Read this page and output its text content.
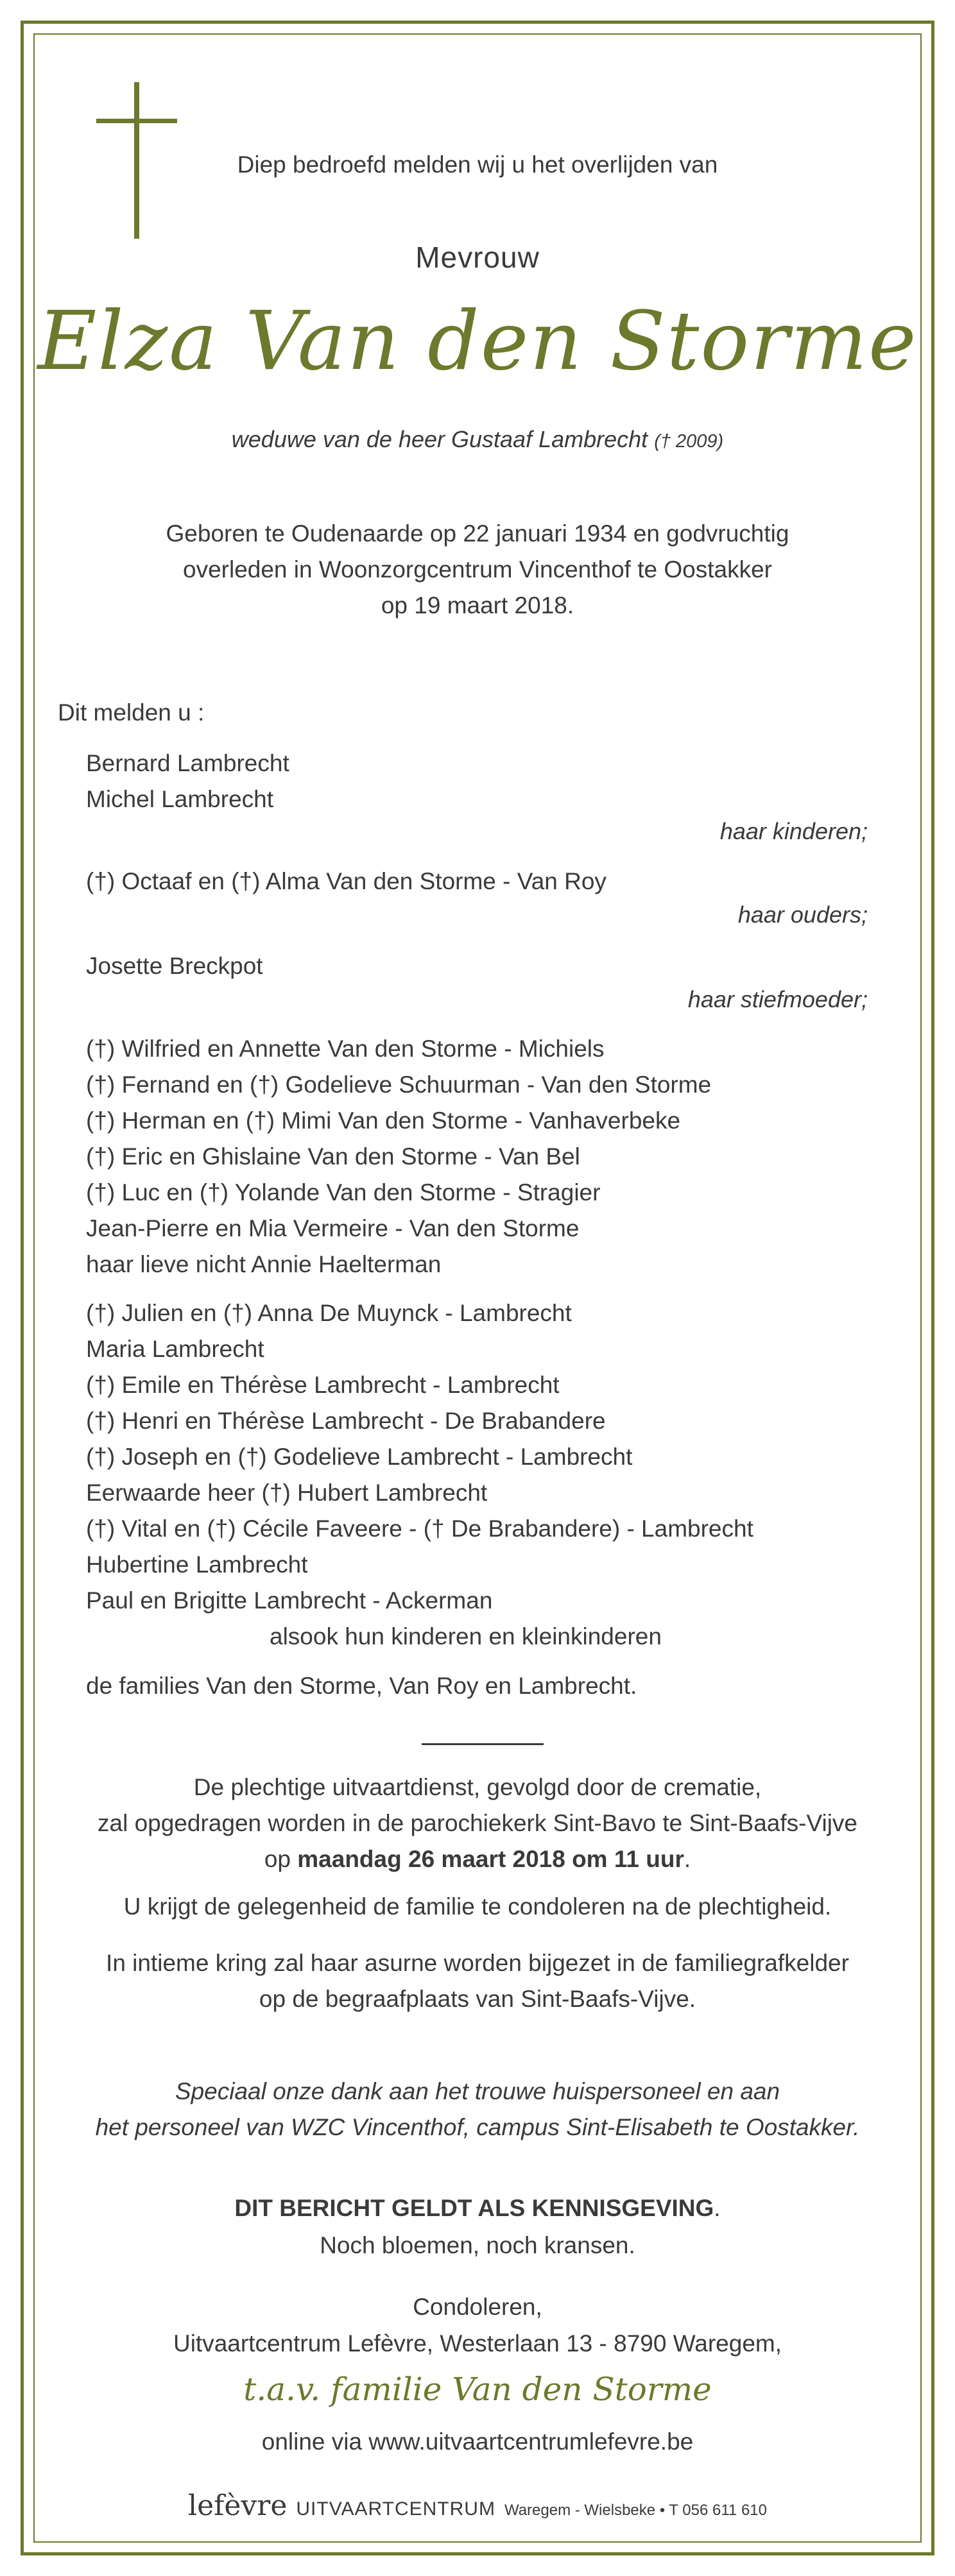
Diep bedroefd melden wij u het overlijden van
Mevrouw
Elza Van den Storme
weduwe van de heer Gustaaf Lambrecht († 2009)
Geboren te Oudenaarde op 22 januari 1934 en godvruchtig
overleden in Woonzorgcentrum Vincenthof te Oostakker
op 19 maart 2018.
Dit melden u :
Bernard Lambrecht
Michel Lambrecht
haar kinderen;
(†) Octaaf en (†) Alma Van den Storme - Van Roy
haar ouders;
Josette Breckpot
haar stiefmoeder;
(†) Wilfried en Annette Van den Storme - Michiels
(†) Fernand en (†) Godelieve Schuurman - Van den Storme
(†) Herman en (†) Mimi Van den Storme - Vanhaverbeke
(†) Eric en Ghislaine Van den Storme - Van Bel
(†) Luc en (†) Yolande Van den Storme - Stragier
Jean-Pierre en Mia Vermeire - Van den Storme
haar lieve nicht Annie Haelterman
(†) Julien en (†) Anna De Muynck - Lambrecht
Maria Lambrecht
(†) Emile en Thérèse Lambrecht - Lambrecht
(†) Henri en Thérèse Lambrecht - De Brabandere
(†) Joseph en (†) Godelieve Lambrecht - Lambrecht
Eerwaarde heer (†) Hubert Lambrecht
(†) Vital en (†) Cécile Faveere - († De Brabandere) - Lambrecht
Hubertine Lambrecht
Paul en Brigitte Lambrecht - Ackerman
alsook hun kinderen en kleinkinderen
de families Van den Storme, Van Roy en Lambrecht.
De plechtige uitvaartdienst, gevolgd door de crematie,
zal opgedragen worden in de parochiekerk Sint-Bavo te Sint-Baafs-Vijve
op maandag 26 maart 2018 om 11 uur.
U krijgt de gelegenheid de familie te condoleren na de plechtigheid.
In intieme kring zal haar asurne worden bijgezet in de familiegrafkelder
op de begraafplaats van Sint-Baafs-Vijve.
Speciaal onze dank aan het trouwe huispersoneel en aan
het personeel van WZC Vincenthof, campus Sint-Elisabeth te Oostakker.
DIT BERICHT GELDT ALS KENNISGEVING.
Noch bloemen, noch kransen.
Condoleren,
Uitvaartcentrum Lefèvre, Westerlaan 13 - 8790 Waregem,
t.a.v. familie Van den Storme
online via www.uitvaartcentrumlefevre.be
lefèvre UITVAARTCENTRUM Waregem - Wielsbeke • T 056 611 610
